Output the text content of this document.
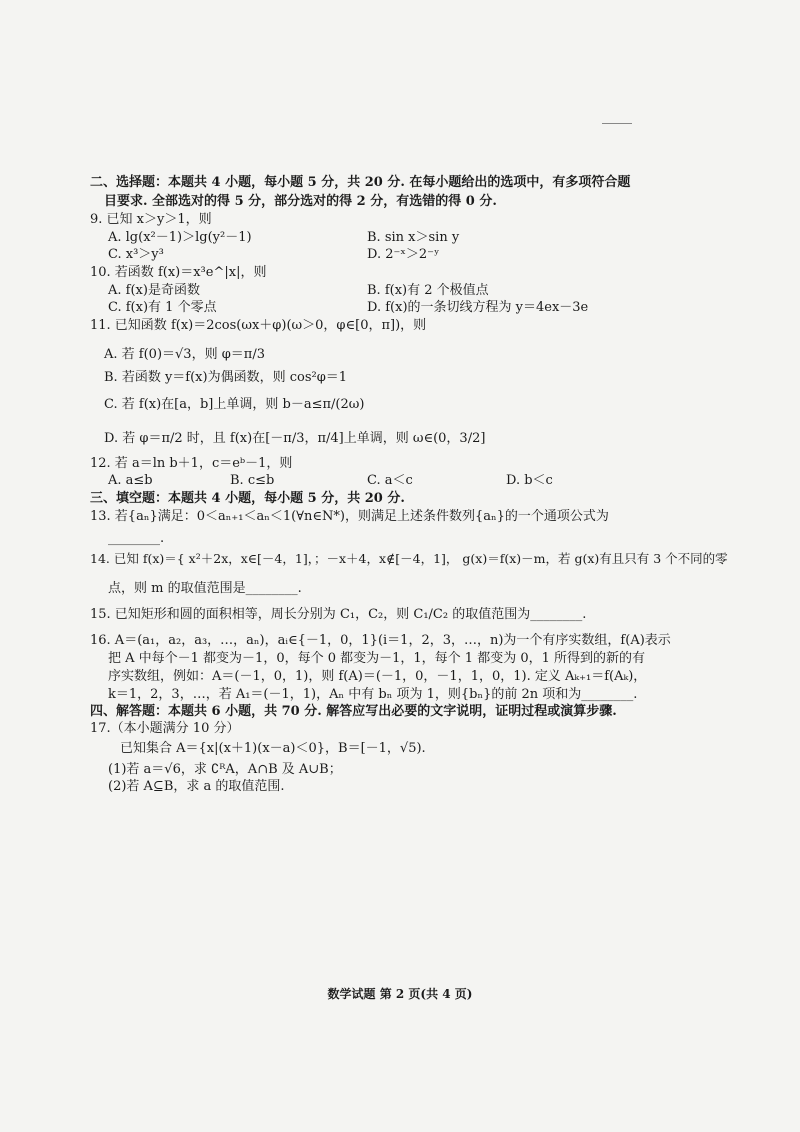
二、选择题：本题共 4 小题，每小题 5 分，共 20 分. 在每小题给出的选项中，有多项符合题
目要求. 全部选对的得 5 分，部分选对的得 2 分，有选错的得 0 分.
9. 已知 x＞y＞1，则
A. lg(x²－1)＞lg(y²－1)	B. sin x＞sin y
C. x³＞y³	D. 2⁻ˣ＞2⁻ʸ
10. 若函数 f(x)＝x³e^|x|，则
A. f(x)是奇函数	B. f(x)有 2 个极值点
C. f(x)有 1 个零点	D. f(x)的一条切线方程为 y＝4ex－3e
11. 已知函数 f(x)＝2cos(ωx＋φ)(ω＞0，φ∈[0，π])，则
A. 若 f(0)＝√3，则 φ＝π/3
B. 若函数 y＝f(x)为偶函数，则 cos²φ＝1
C. 若 f(x)在[a，b]上单调，则 b－a≤π/(2ω)
D. 若 φ＝π/2 时，且 f(x)在[－π/3，π/4]上单调，则 ω∈(0，3/2]
12. 若 a＝ln b＋1，c＝eᵇ－1，则
A. a≤b	B. c≤b	C. a＜c	D. b＜c
三、填空题：本题共 4 小题，每小题 5 分，共 20 分.
13. 若{aₙ}满足：0＜aₙ₊₁＜aₙ＜1(∀n∈N*)，则满足上述条件数列{aₙ}的一个通项公式为
________.
14. 已知 f(x)＝{ x²＋2x，x∈[－4，1]，；－x＋4，x∉[－4，1]， g(x)＝f(x)－m，若 g(x)有且只有 3 个不同的零
点，则 m 的取值范围是________.
15. 已知矩形和圆的面积相等，周长分别为 C₁，C₂，则 C₁/C₂ 的取值范围为________.
16. A＝(a₁，a₂，a₃，…，aₙ)，aᵢ∈{－1，0，1}(i＝1，2，3，…，n)为一个有序实数组，f(A)表示
把 A 中每个－1 都变为－1，0，每个 0 都变为－1，1，每个 1 都变为 0，1 所得到的新的有
序实数组，例如：A＝(－1，0，1)，则 f(A)＝(－1，0，－1，1，0，1). 定义 Aₖ₊₁＝f(Aₖ)，
k＝1，2，3，…，若 A₁＝(－1，1)，Aₙ 中有 bₙ 项为 1，则{bₙ}的前 2n 项和为________.
四、解答题：本题共 6 小题，共 70 分. 解答应写出必要的文字说明，证明过程或演算步骤.
17.（本小题满分 10 分）
已知集合 A＝{x|(x＋1)(x－a)＜0}，B＝[－1，√5).
(1)若 a＝√6，求 ∁ᴿA，A∩B 及 A∪B；
(2)若 A⊆B，求 a 的取值范围.
数学试题 第 2 页(共 4 页)
